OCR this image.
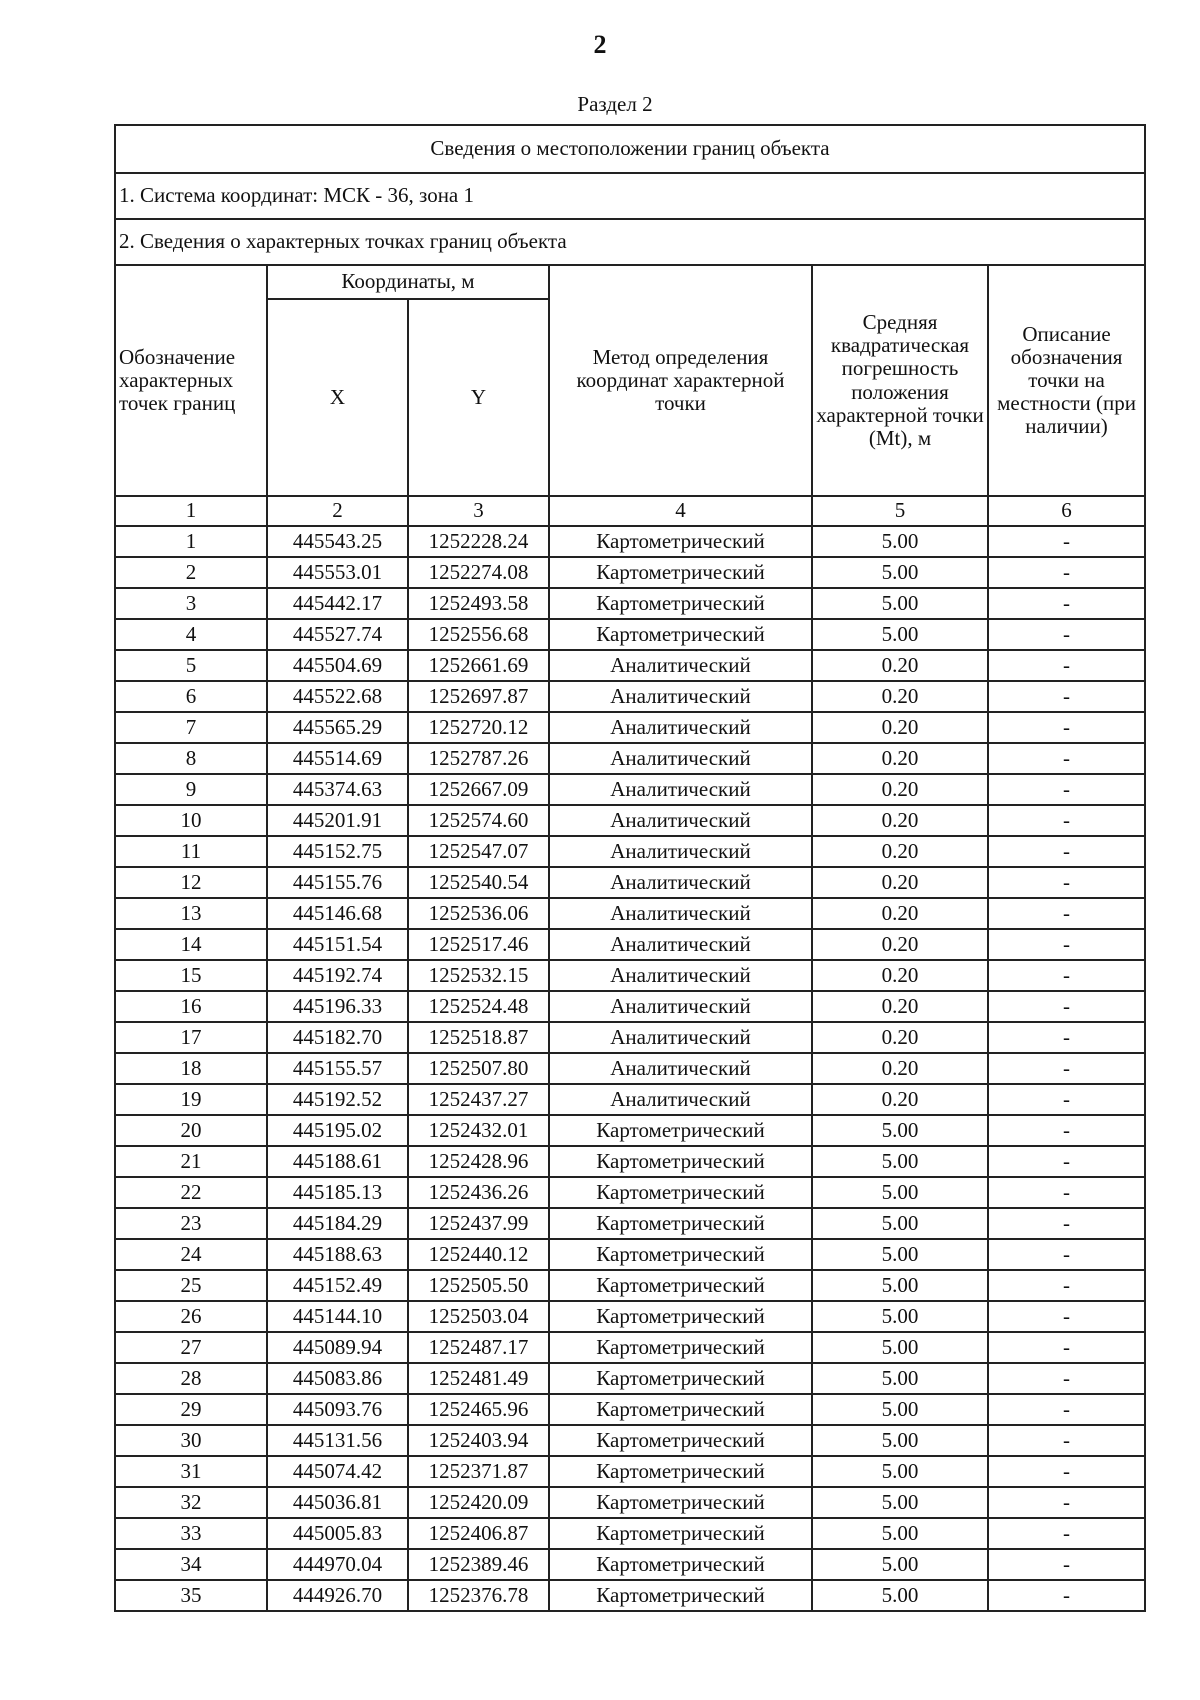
2
Раздел 2
Сведения о местоположении границ объекта					
1. Система координат: МСК - 36, зона 1					
2. Сведения о характерных точках границ объекта					
Обозначение характерных точек границ	Координаты, м		Метод определения координат характерной точки	Средняя квадратическая погрешность положения характерной точки (Mt), м	Описание обозначения точки на местности (при наличии)
	X	Y			
1	2	3	4	5	6
1	445543.25	1252228.24	Картометрический	5.00	-
2	445553.01	1252274.08	Картометрический	5.00	-
3	445442.17	1252493.58	Картометрический	5.00	-
4	445527.74	1252556.68	Картометрический	5.00	-
5	445504.69	1252661.69	Аналитический	0.20	-
6	445522.68	1252697.87	Аналитический	0.20	-
7	445565.29	1252720.12	Аналитический	0.20	-
8	445514.69	1252787.26	Аналитический	0.20	-
9	445374.63	1252667.09	Аналитический	0.20	-
10	445201.91	1252574.60	Аналитический	0.20	-
11	445152.75	1252547.07	Аналитический	0.20	-
12	445155.76	1252540.54	Аналитический	0.20	-
13	445146.68	1252536.06	Аналитический	0.20	-
14	445151.54	1252517.46	Аналитический	0.20	-
15	445192.74	1252532.15	Аналитический	0.20	-
16	445196.33	1252524.48	Аналитический	0.20	-
17	445182.70	1252518.87	Аналитический	0.20	-
18	445155.57	1252507.80	Аналитический	0.20	-
19	445192.52	1252437.27	Аналитический	0.20	-
20	445195.02	1252432.01	Картометрический	5.00	-
21	445188.61	1252428.96	Картометрический	5.00	-
22	445185.13	1252436.26	Картометрический	5.00	-
23	445184.29	1252437.99	Картометрический	5.00	-
24	445188.63	1252440.12	Картометрический	5.00	-
25	445152.49	1252505.50	Картометрический	5.00	-
26	445144.10	1252503.04	Картометрический	5.00	-
27	445089.94	1252487.17	Картометрический	5.00	-
28	445083.86	1252481.49	Картометрический	5.00	-
29	445093.76	1252465.96	Картометрический	5.00	-
30	445131.56	1252403.94	Картометрический	5.00	-
31	445074.42	1252371.87	Картометрический	5.00	-
32	445036.81	1252420.09	Картометрический	5.00	-
33	445005.83	1252406.87	Картометрический	5.00	-
34	444970.04	1252389.46	Картометрический	5.00	-
35	444926.70	1252376.78	Картометрический	5.00	-
